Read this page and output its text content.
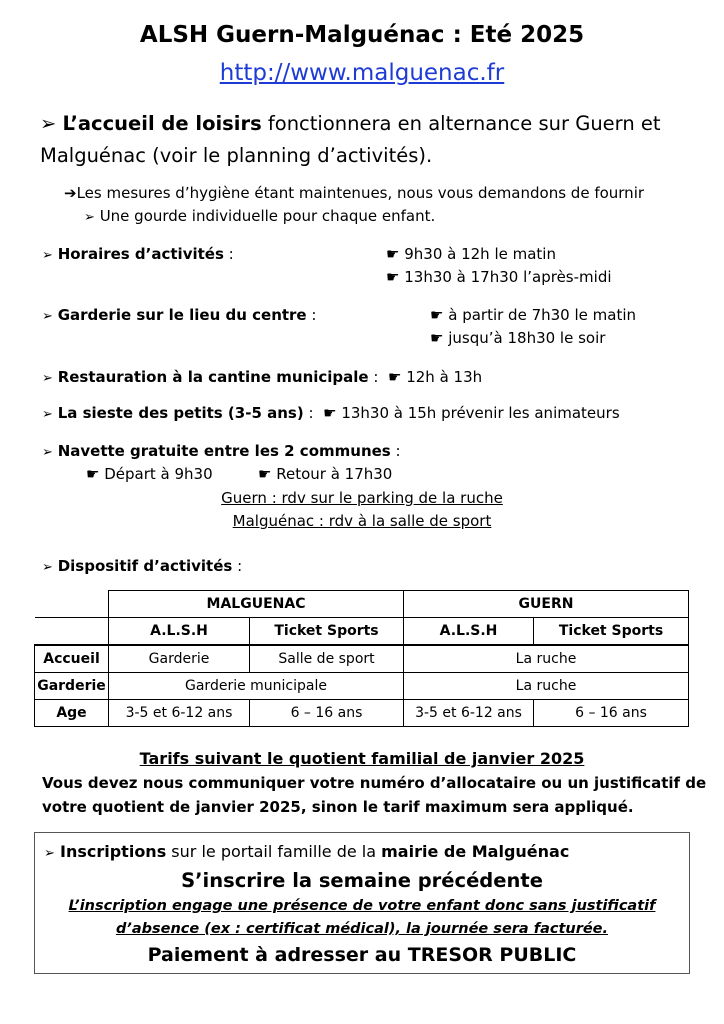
ALSH Guern-Malguénac : Eté 2025
http://www.malguenac.fr
➢ L’accueil de loisirs fonctionnera en alternance sur Guern et Malguénac (voir le planning d’activités).
➔Les mesures d’hygiène étant maintenues, nous vous demandons de fournir
➢ Une gourde individuelle pour chaque enfant.
➢ Horaires d’activités :	☛ 9h30 à 12h le matin
☛ 13h30 à 17h30 l’après-midi
➢ Garderie sur le lieu du centre :	☛ à partir de 7h30 le matin
☛ jusqu’à 18h30 le soir
➢ Restauration à la cantine municipale : ☛ 12h à 13h
➢ La sieste des petits (3-5 ans) : ☛ 13h30 à 15h prévenir les animateurs
➢ Navette gratuite entre les 2 communes :
☛ Départ à 9h30	☛ Retour à 17h30
Guern : rdv sur le parking de la ruche
Malguénac : rdv à la salle de sport
➢ Dispositif d’activités :
	MALGUENAC		GUERN	
	A.L.S.H	Ticket Sports	A.L.S.H	Ticket Sports
Accueil	Garderie	Salle de sport	La ruche	
Garderie	Garderie municipale		La ruche	
Age	3-5 et 6-12 ans	6 – 16 ans	3-5 et 6-12 ans	6 – 16 ans
Tarifs suivant le quotient familial de janvier 2025
Vous devez nous communiquer votre numéro d’allocataire ou un justificatif de
votre quotient de janvier 2025, sinon le tarif maximum sera appliqué.
➢ Inscriptions sur le portail famille de la mairie de Malguénac
S’inscrire la semaine précédente
L’inscription engage une présence de votre enfant donc sans justificatif
d’absence (ex : certificat médical), la journée sera facturée.
Paiement à adresser au TRESOR PUBLIC
